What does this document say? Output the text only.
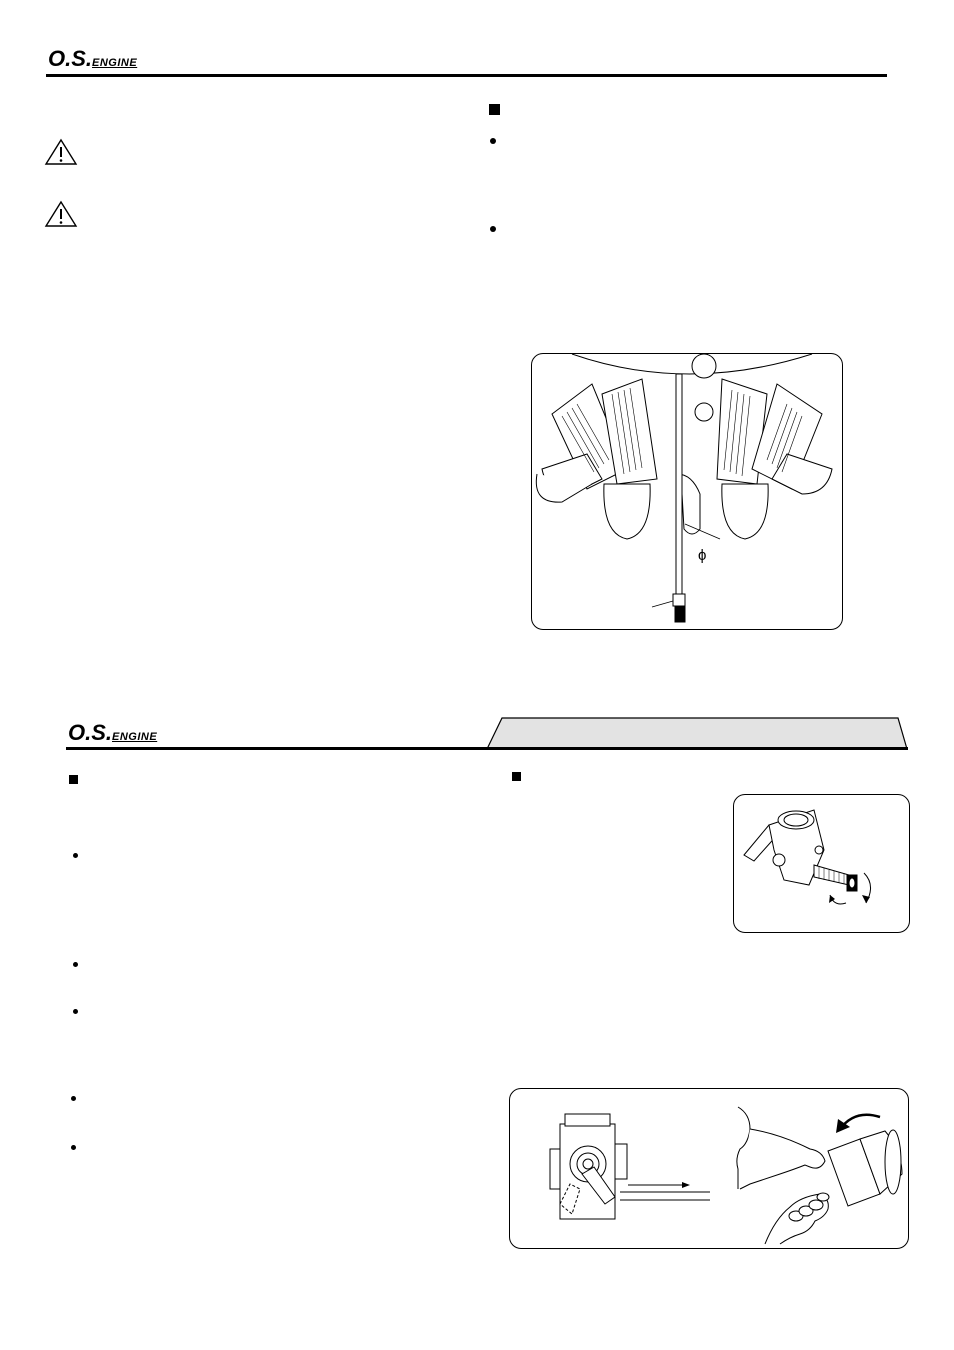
O.S.ENGINE
ϕ
O.S.ENGINE
